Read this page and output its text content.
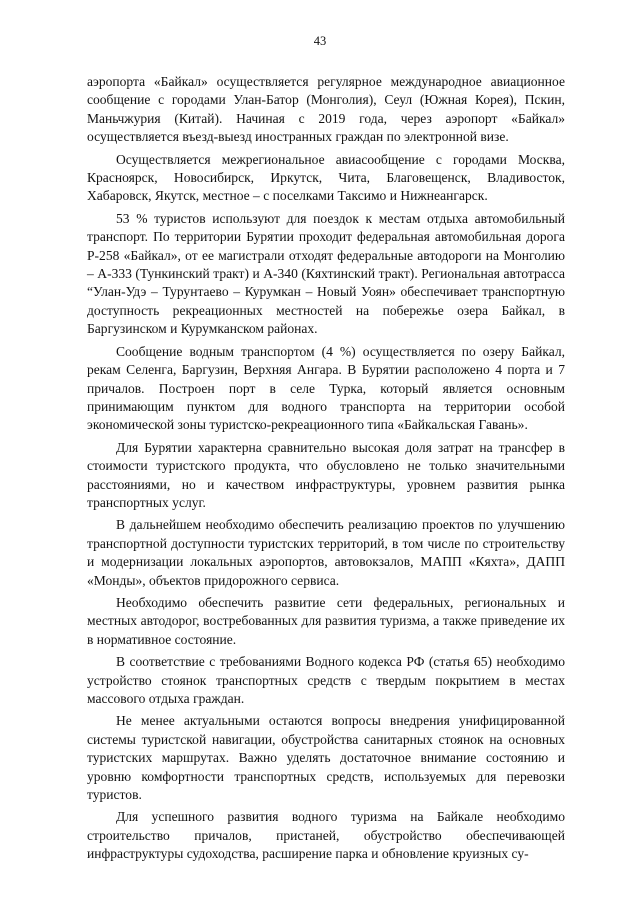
43

аэропорта «Байкал» осуществляется регулярное международное авиационное сообщение с городами Улан-Батор (Монголия), Сеул (Южная Корея), Пскин, Маньчжурия (Китай). Начиная с 2019 года, через аэропорт «Байкал» осуществляется въезд-выезд иностранных граждан по электронной визе.

Осуществляется межрегиональное авиасообщение с городами Москва, Красноярск, Новосибирск, Иркутск, Чита, Благовещенск, Владивосток, Хабаровск, Якутск, местное – с поселками Таксимо и Нижнеангарск.

53 % туристов используют для поездок к местам отдыха автомобильный транспорт. По территории Бурятии проходит федеральная автомобильная дорога Р-258 «Байкал», от ее магистрали отходят федеральные автодороги на Монголию – А-333 (Тункинский тракт) и А-340 (Кяхтинский тракт). Региональная автотрасса “Улан-Удэ – Турунтаево – Курумкан – Новый Уоян» обеспечивает транспортную доступность рекреационных местностей на побережье озера Байкал, в Баргузинском и Курумканском районах.

Сообщение водным транспортом (4 %) осуществляется по озеру Байкал, рекам Селенга, Баргузин, Верхняя Ангара. В Бурятии расположено 4 порта и 7 причалов. Построен порт в селе Турка, который является основным принимающим пунктом для водного транспорта на территории особой экономической зоны туристско-рекреационного типа «Байкальская Гавань».

Для Бурятии характерна сравнительно высокая доля затрат на трансфер в стоимости туристского продукта, что обусловлено не только значительными расстояниями, но и качеством инфраструктуры, уровнем развития рынка транспортных услуг.

В дальнейшем необходимо обеспечить реализацию проектов по улучшению транспортной доступности туристских территорий, в том числе по строительству и модернизации локальных аэропортов, автовокзалов, МАПП «Кяхта», ДАПП «Монды», объектов придорожного сервиса.

Необходимо обеспечить развитие сети федеральных, региональных и местных автодорог, востребованных для развития туризма, а также приведение их в нормативное состояние.

В соответствие с требованиями Водного кодекса РФ (статья 65) необходимо устройство стоянок транспортных средств с твердым покрытием в местах массового отдыха граждан.

Не менее актуальными остаются вопросы внедрения унифицированной системы туристской навигации, обустройства санитарных стоянок на основных туристских маршрутах. Важно уделять достаточное внимание состоянию и уровню комфортности транспортных средств, используемых для перевозки туристов.

Для успешного развития водного туризма на Байкале необходимо строительство причалов, пристаней, обустройство обеспечивающей инфраструктуры судоходства, расширение парка и обновление круизных су-
